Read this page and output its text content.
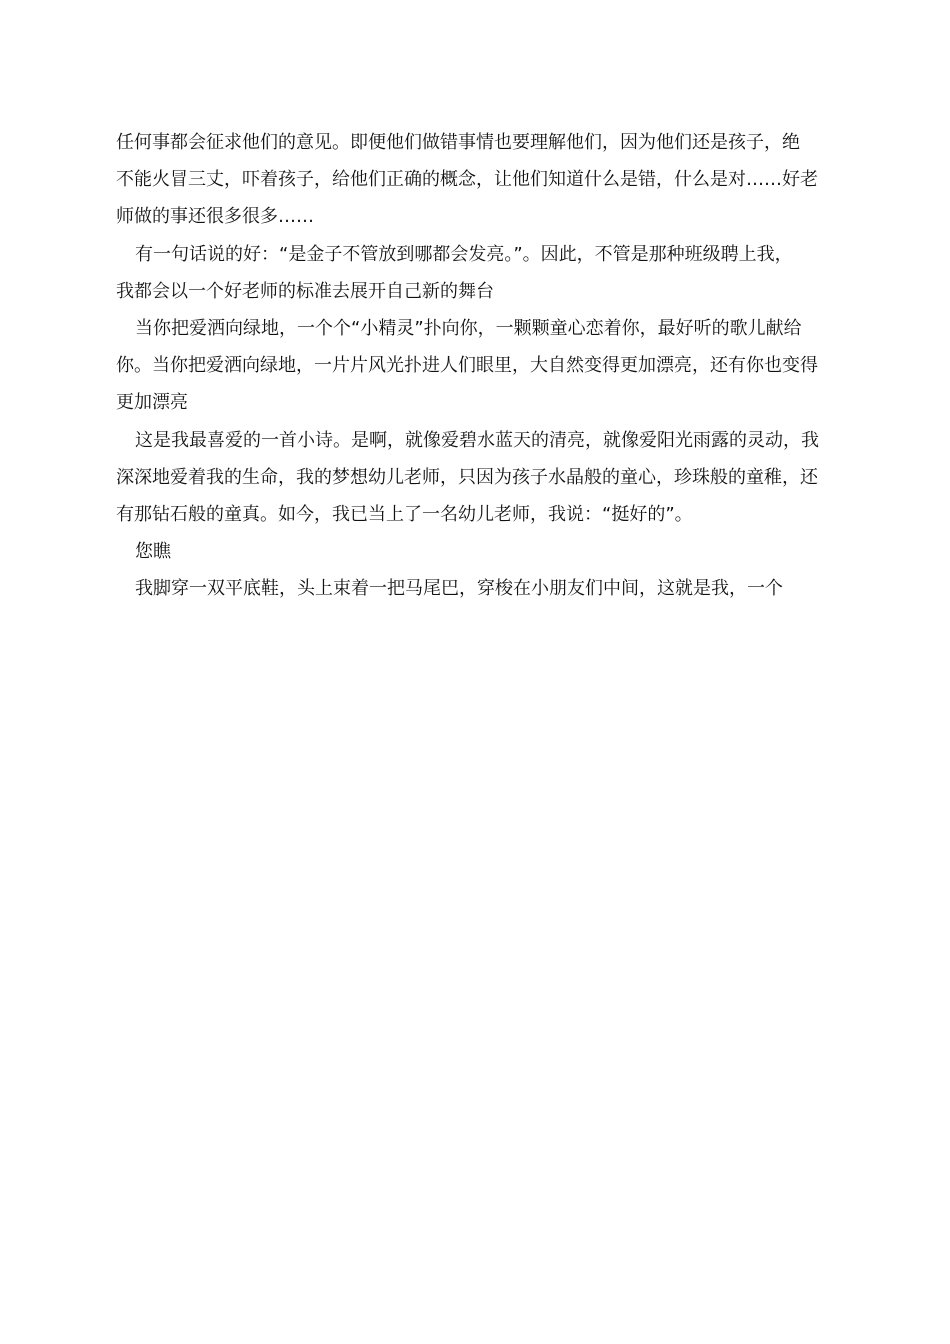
任何事都会征求他们的意见。即便他们做错事情也要理解他们，因为他们还是孩子，绝
不能火冒三丈，吓着孩子，给他们正确的概念，让他们知道什么是错，什么是对……好老
师做的事还很多很多……
有一句话说的好：“是金子不管放到哪都会发亮。”。因此，不管是那种班级聘上我，
我都会以一个好老师的标准去展开自己新的舞台
当你把爱洒向绿地，一个个“小精灵”扑向你，一颗颗童心恋着你，最好听的歌儿献给
你。当你把爱洒向绿地，一片片风光扑进人们眼里，大自然变得更加漂亮，还有你也变得
更加漂亮
这是我最喜爱的一首小诗。是啊，就像爱碧水蓝天的清亮，就像爱阳光雨露的灵动，我
深深地爱着我的生命，我的梦想幼儿老师，只因为孩子水晶般的童心，珍珠般的童稚，还
有那钻石般的童真。如今，我已当上了一名幼儿老师，我说：“挺好的”。
您瞧
我脚穿一双平底鞋，头上束着一把马尾巴，穿梭在小朋友们中间，这就是我，一个
